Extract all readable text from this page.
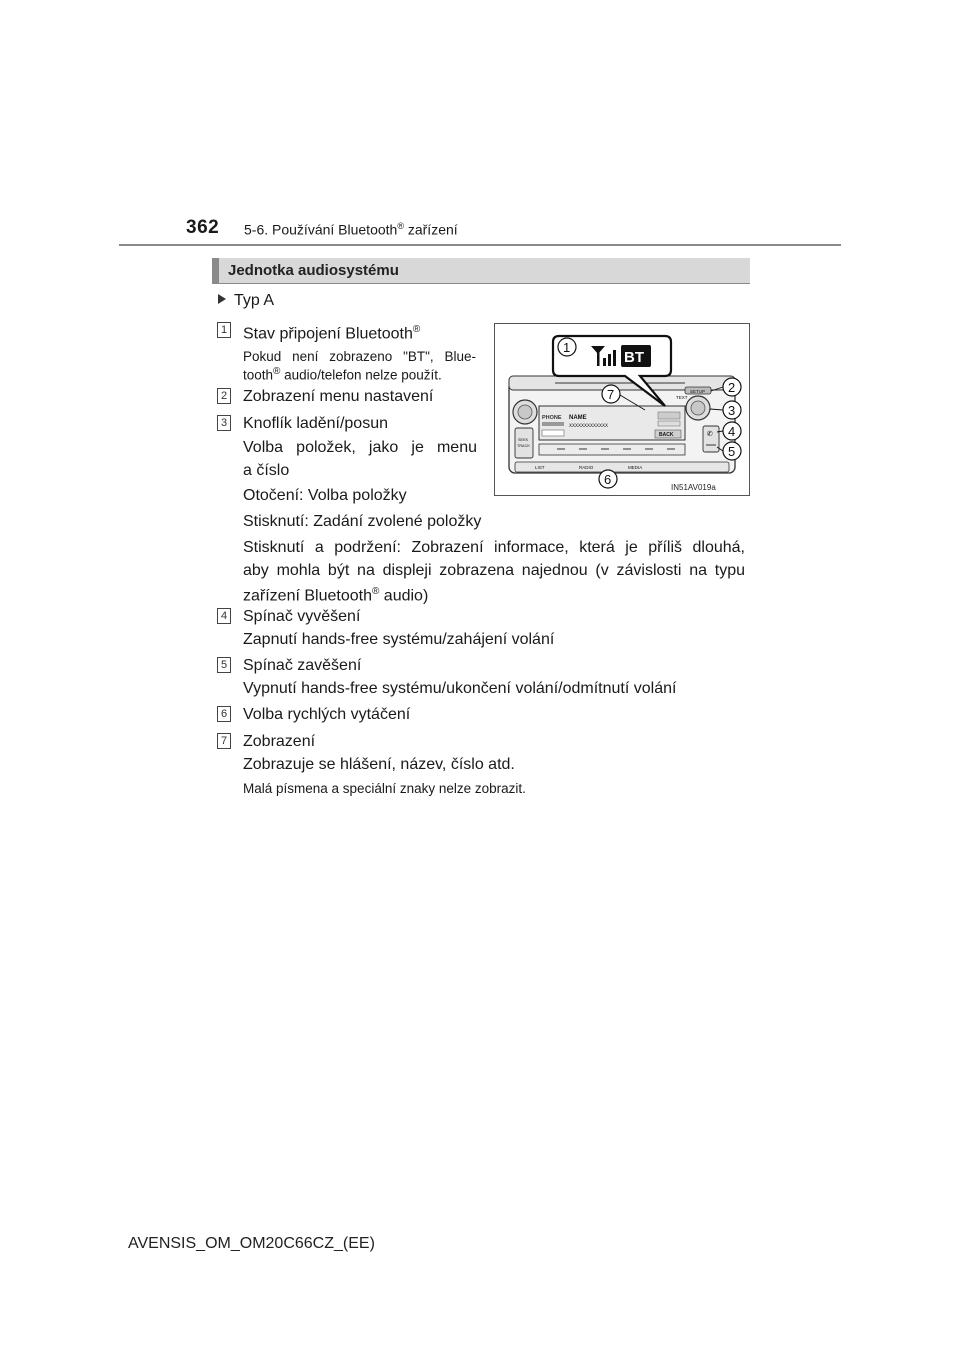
362 5-6. Používání Bluetooth® zařízení
Jednotka audiosystému
Typ A
1 Stav připojení Bluetooth®
Pokud není zobrazeno "BT", Blue-
tooth® audio/telefon nelze použít.
2 Zobrazení menu nastavení
3 Knoflík ladění/posun
Volba položek, jako je menu
a číslo
Otočení: Volba položky
Stisknutí: Zadání zvolené položky
Stisknutí a podržení: Zobrazení informace, která je příliš dlouhá,
aby mohla být na displeji zobrazena najednou (v závislosti na typu
zařízení Bluetooth® audio)
4 Spínač vyvěšení
Zapnutí hands-free systému/zahájení volání
5 Spínač zavěšení
Vypnutí hands-free systému/ukončení volání/odmítnutí volání
6 Volba rychlých vytáčení
7 Zobrazení
Zobrazuje se hlášení, název, číslo atd.
Malá písmena a speciální znaky nelze zobrazit.
SETUP
TEXT
PHONE NAME
XXXXXXXXXXXXX
BACK
SEEK
TRACK
✆
LIST	RADIO	MEDIA
BT
1
7	2
3
4
5
6
IN51AV019a
AVENSIS_OM_OM20C66CZ_(EE)
